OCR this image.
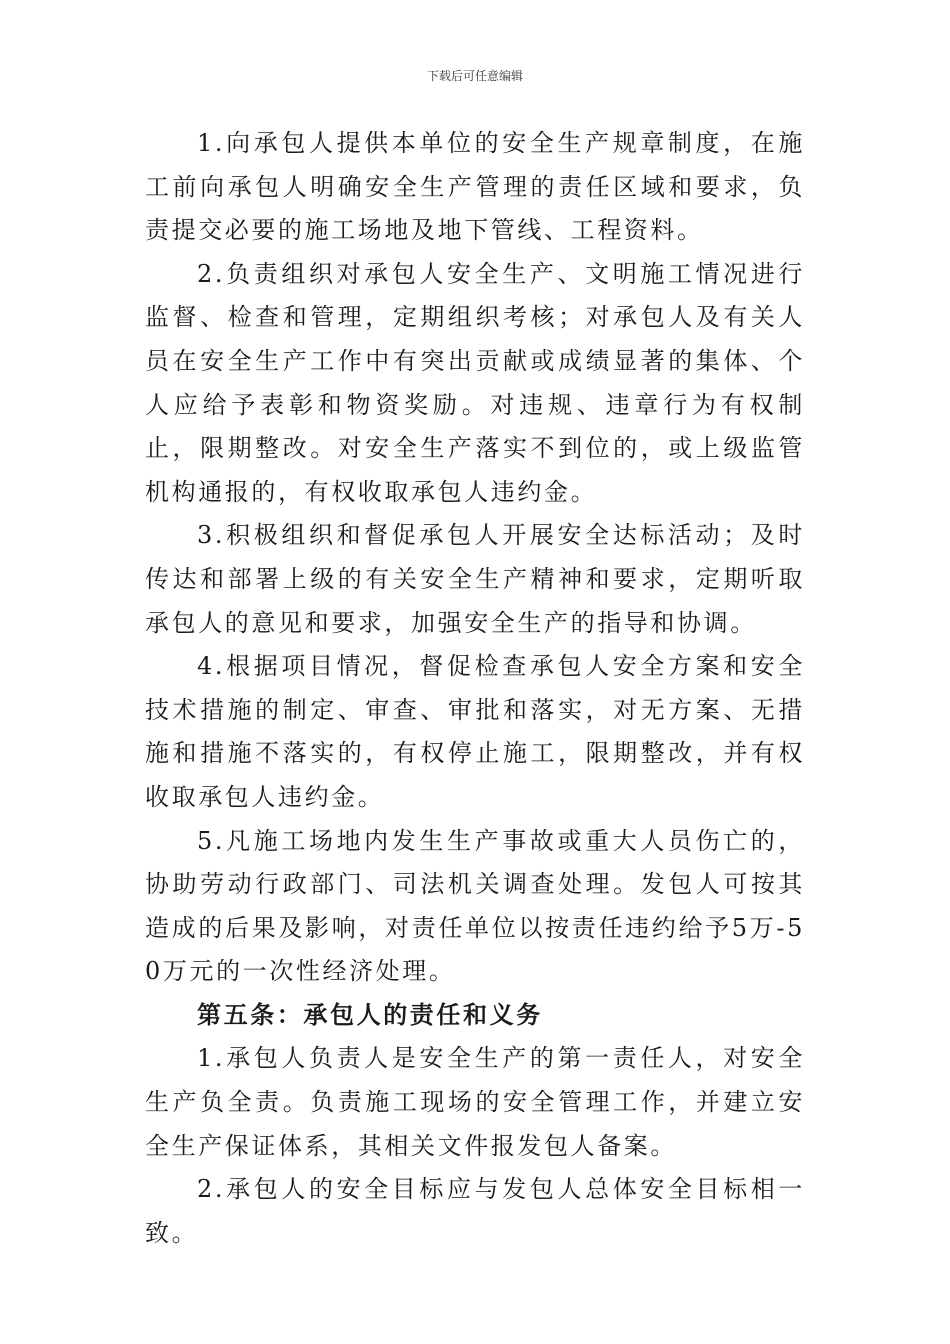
下载后可任意编辑

1.向承包人提供本单位的安全生产规章制度，在施工前向承包人明确安全生产管理的责任区域和要求，负责提交必要的施工场地及地下管线、工程资料。

2.负责组织对承包人安全生产、文明施工情况进行监督、检查和管理，定期组织考核；对承包人及有关人员在安全生产工作中有突出贡献或成绩显著的集体、个人应给予表彰和物资奖励。对违规、违章行为有权制止，限期整改。对安全生产落实不到位的，或上级监管机构通报的，有权收取承包人违约金。

3.积极组织和督促承包人开展安全达标活动；及时传达和部署上级的有关安全生产精神和要求，定期听取承包人的意见和要求，加强安全生产的指导和协调。

4.根据项目情况，督促检查承包人安全方案和安全技术措施的制定、审查、审批和落实，对无方案、无措施和措施不落实的，有权停止施工，限期整改，并有权收取承包人违约金。

5.凡施工场地内发生生产事故或重大人员伤亡的，协助劳动行政部门、司法机关调查处理。发包人可按其造成的后果及影响，对责任单位以按责任违约给予5万-50万元的一次性经济处理。

第五条：承包人的责任和义务

1.承包人负责人是安全生产的第一责任人，对安全生产负全责。负责施工现场的安全管理工作，并建立安全生产保证体系，其相关文件报发包人备案。

2.承包人的安全目标应与发包人总体安全目标相一致。
